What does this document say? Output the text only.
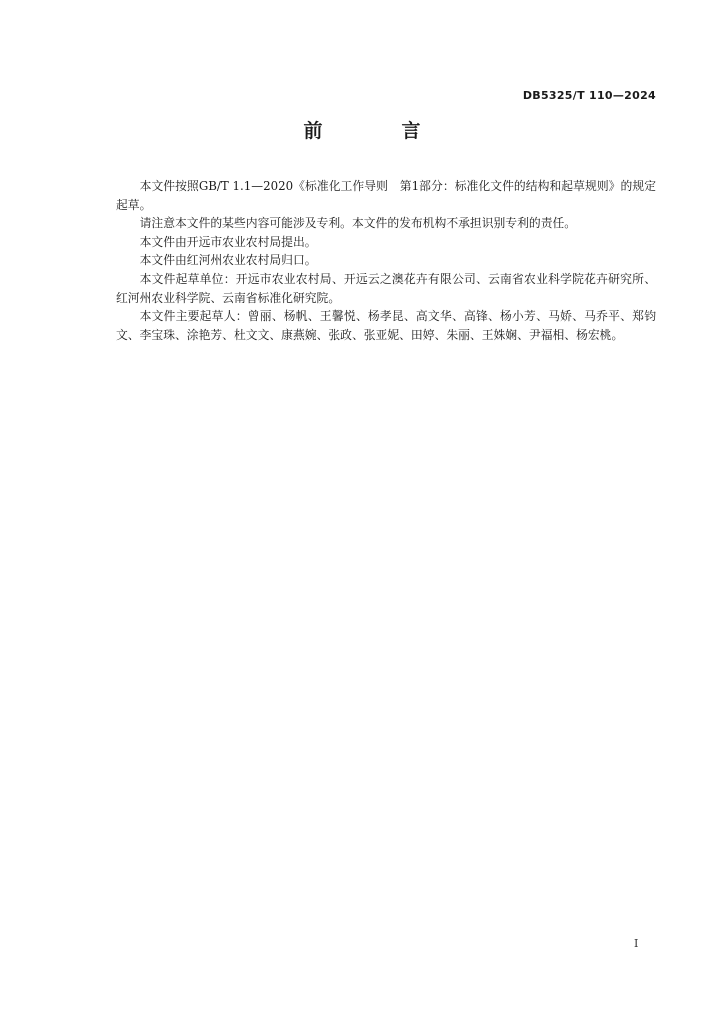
DB5325/T 110—2024
前　言

本文件按照GB/T 1.1—2020《标准化工作导则　第1部分：标准化文件的结构和起草规则》的规定起草。

请注意本文件的某些内容可能涉及专利。本文件的发布机构不承担识别专利的责任。

本文件由开远市农业农村局提出。

本文件由红河州农业农村局归口。

本文件起草单位：开远市农业农村局、开远云之澳花卉有限公司、云南省农业科学院花卉研究所、红河州农业科学院、云南省标准化研究院。

本文件主要起草人：曾丽、杨帆、王馨悦、杨孝昆、高文华、高锋、杨小芳、马娇、马乔平、郑钧文、李宝珠、涂艳芳、杜文文、康燕婉、张政、张亚妮、田婷、朱丽、王姝娴、尹福相、杨宏桃。

I
